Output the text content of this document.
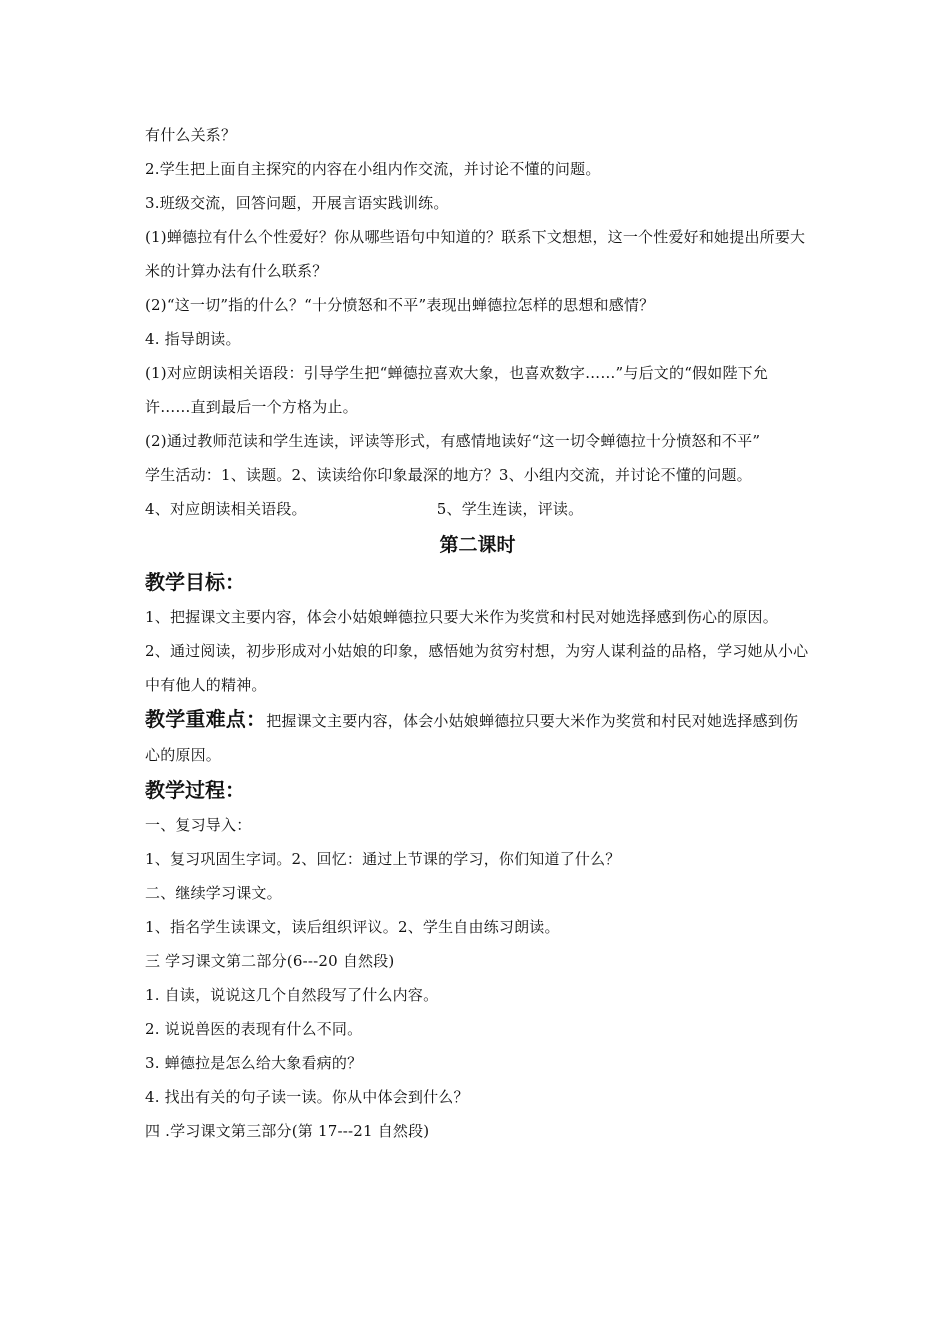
有什么关系？
2.学生把上面自主探究的内容在小组内作交流，并讨论不懂的问题。
3.班级交流，回答问题，开展言语实践训练。
(1)蝉德拉有什么个性爱好？你从哪些语句中知道的？联系下文想想，这一个性爱好和她提出所要大米的计算办法有什么联系？
(2)“这一切”指的什么？“十分愤怒和不平”表现出蝉德拉怎样的思想和感情？
4. 指导朗读。
(1)对应朗读相关语段：引导学生把“蝉德拉喜欢大象，也喜欢数字……”与后文的“假如陛下允许……直到最后一个方格为止。
(2)通过教师范读和学生连读，评读等形式，有感情地读好“这一切令蝉德拉十分愤怒和不平”
学生活动：1、读题。2、读读给你印象最深的地方？3、小组内交流，并讨论不懂的问题。
4、对应朗读相关语段。	5、学生连读，评读。
第二课时
教学目标：
1、把握课文主要内容，体会小姑娘蝉德拉只要大米作为奖赏和村民对她选择感到伤心的原因。
2、通过阅读，初步形成对小姑娘的印象，感悟她为贫穷村想，为穷人谋利益的品格，学习她从小心中有他人的精神。
教学重难点：把握课文主要内容，体会小姑娘蝉德拉只要大米作为奖赏和村民对她选择感到伤心的原因。
教学过程：
一、复习导入：
1、复习巩固生字词。2、回忆：通过上节课的学习，你们知道了什么？
二、继续学习课文。
1、指名学生读课文，读后组织评议。2、学生自由练习朗读。
三 学习课文第二部分(6---20 自然段)
1. 自读，说说这几个自然段写了什么内容。
2. 说说兽医的表现有什么不同。
3. 蝉德拉是怎么给大象看病的？
4. 找出有关的句子读一读。你从中体会到什么？
四 .学习课文第三部分(第 17---21 自然段)
